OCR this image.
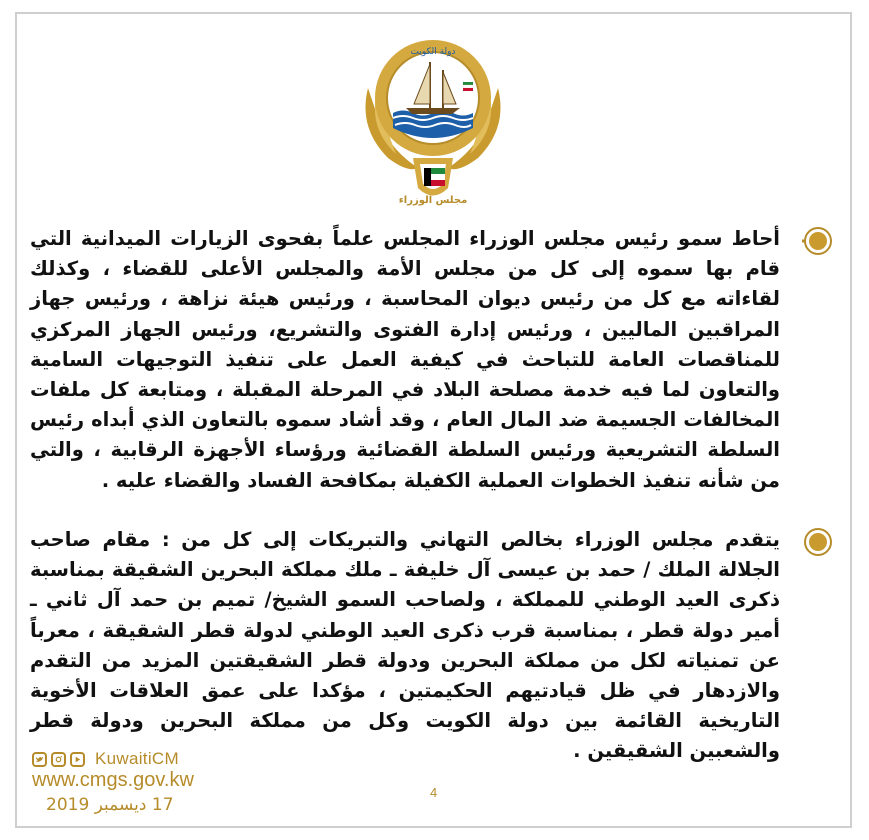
دولة الكويت
مجلس الوزراء
أحاط سمو رئيس مجلس الوزراء المجلس علماً بفحوى الزيارات الميدانية التي قام بها سموه إلى كل من مجلس الأمة والمجلس الأعلى للقضاء ، وكذلك لقاءاته مع كل من رئيس ديوان المحاسبة ، ورئيس هيئة نزاهة ، ورئيس جهاز المراقبين الماليين ، ورئيس إدارة الفتوى والتشريع، ورئيس الجهاز المركزي للمناقصات العامة للتباحث في كيفية العمل على تنفيذ التوجيهات السامية والتعاون لما فيه خدمة مصلحة البلاد في المرحلة المقبلة ، ومتابعة كل ملفات المخالفات الجسيمة ضد المال العام ، وقد أشاد سموه بالتعاون الذي أبداه رئيس السلطة التشريعية ورئيس السلطة القضائية ورؤساء الأجهزة الرقابية ، والتي من شأنه تنفيذ الخطوات العملية الكفيلة بمكافحة الفساد والقضاء عليه .
يتقدم مجلس الوزراء بخالص التهاني والتبريكات إلى كل من : مقام صاحب الجلالة الملك / حمد بن عيسى آل خليفة ـ ملك مملكة البحرين الشقيقة بمناسبة ذكرى العيد الوطني للمملكة ، ولصاحب السمو الشيخ/ تميم بن حمد آل ثاني ـ أمير دولة قطر ، بمناسبة قرب ذكرى العيد الوطني لدولة قطر الشقيقة ، معرباً عن تمنياته لكل من مملكة البحرين ودولة قطر الشقيقتين المزيد من التقدم والازدهار في ظل قيادتيهم الحكيمتين ، مؤكدا على عمق العلاقات الأخوية التاريخية القائمة بين دولة الكويت وكل من مملكة البحرين ودولة قطر والشعبين الشقيقين .
KuwaitiCM
www.cmgs.gov.kw
17 ديسمبر 2019
4
